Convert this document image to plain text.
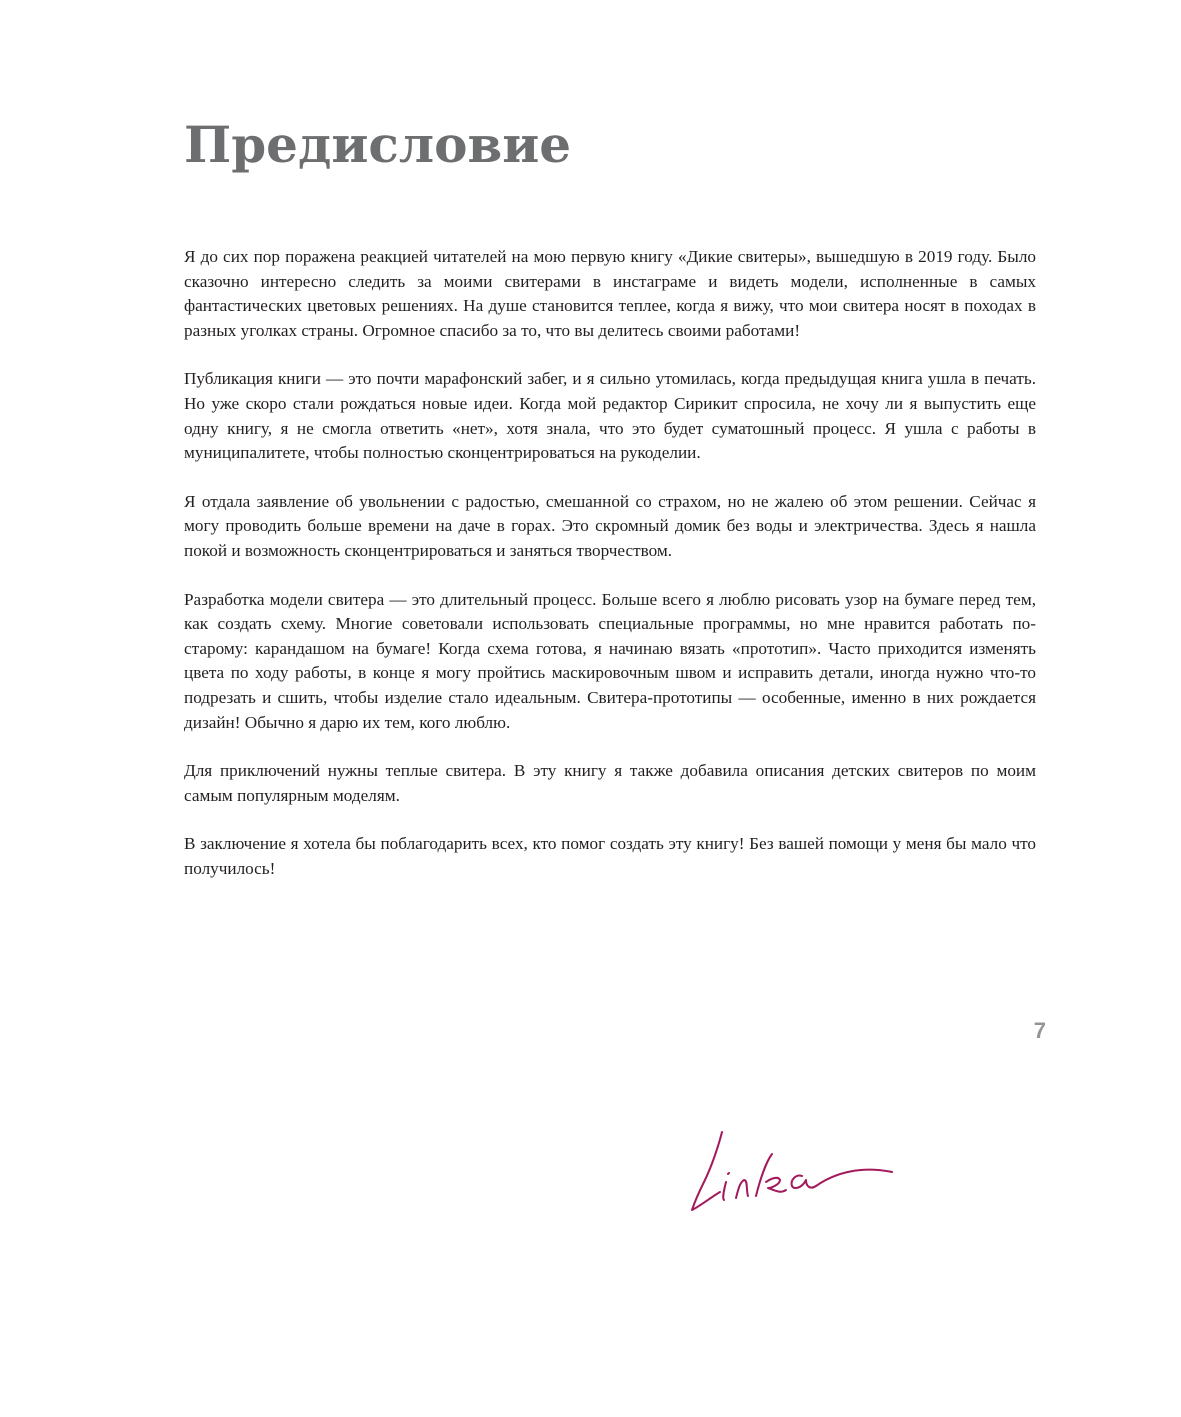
Предисловие

Я до сих пор поражена реакцией читателей на мою первую книгу «Дикие свитеры», вышедшую в 2019 году. Было сказочно интересно следить за моими свитерами в инстаграме и видеть модели, исполненные в самых фантастических цветовых решениях. На душе становится теплее, когда я вижу, что мои свитера носят в походах в разных уголках страны. Огромное спасибо за то, что вы делитесь своими работами!

Публикация книги — это почти марафонский забег, и я сильно утомилась, когда предыдущая книга ушла в печать. Но уже скоро стали рождаться новые идеи. Когда мой редактор Сирикит спросила, не хочу ли я выпустить еще одну книгу, я не смогла ответить «нет», хотя знала, что это будет суматошный процесс. Я ушла с работы в муниципалитете, чтобы полностью сконцентрироваться на рукоделии.

Я отдала заявление об увольнении с радостью, смешанной со страхом, но не жалею об этом решении. Сейчас я могу проводить больше времени на даче в горах. Это скромный домик без воды и электричества. Здесь я нашла покой и возможность сконцентрироваться и заняться творчеством.

Разработка модели свитера — это длительный процесс. Больше всего я люблю рисовать узор на бумаге перед тем, как создать схему. Многие советовали использовать специальные программы, но мне нравится работать по-старому: карандашом на бумаге! Когда схема готова, я начинаю вязать «прототип». Часто приходится изменять цвета по ходу работы, в конце я могу пройтись маскировочным швом и исправить детали, иногда нужно что-то подрезать и сшить, чтобы изделие стало идеальным. Свитера-прототипы — особенные, именно в них рождается дизайн! Обычно я дарю их тем, кого люблю.

Для приключений нужны теплые свитера. В эту книгу я также добавила описания детских свитеров по моим самым популярным моделям.

В заключение я хотела бы поблагодарить всех, кто помог создать эту книгу! Без вашей помощи у меня бы мало что получилось!

7
